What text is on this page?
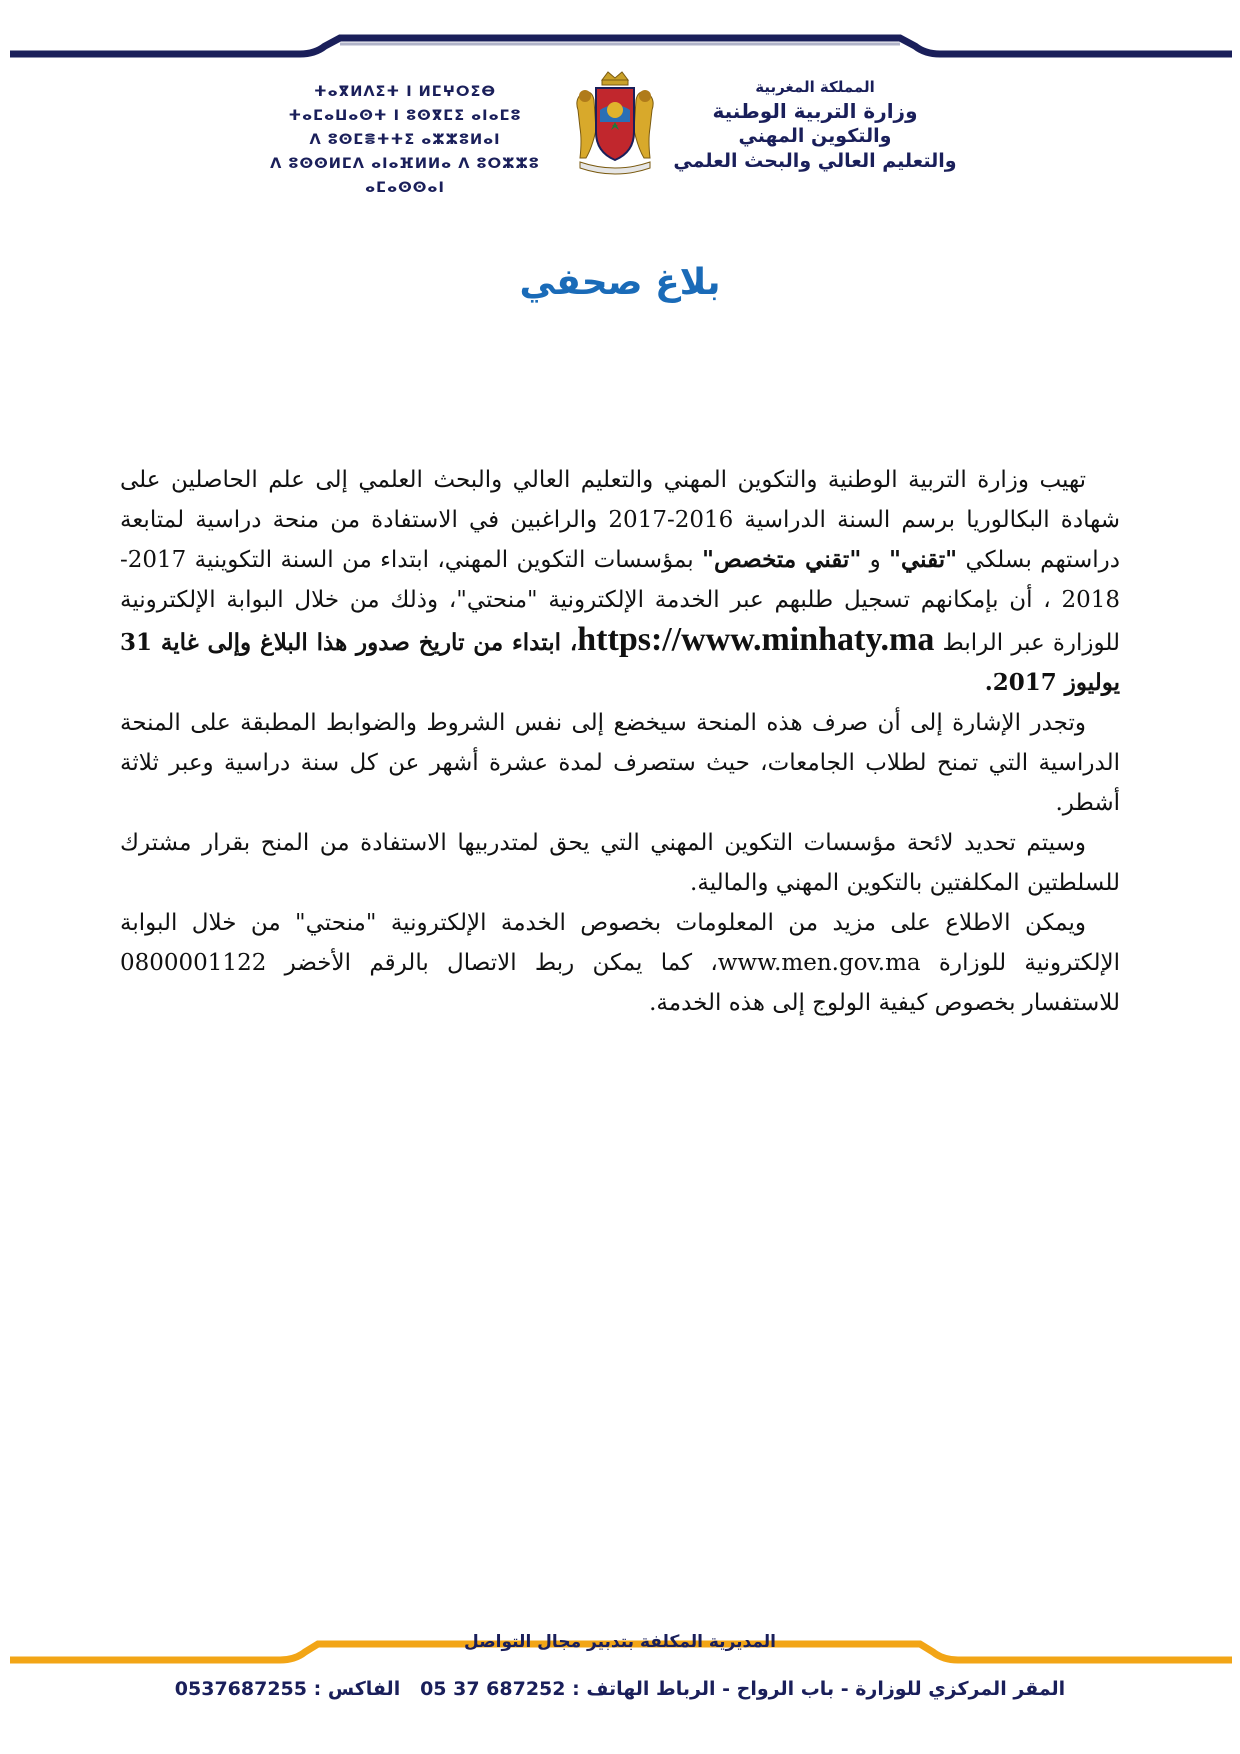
ⵜⴰⴳⵍⴷⵉⵜ ⵏ ⵍⵎⵖⵔⵉⴱ
ⵜⴰⵎⴰⵡⴰⵙⵜ ⵏ ⵓⵙⴳⵎⵉ ⴰⵏⴰⵎⵓ
ⴷ ⵓⵙⵎⴻⵜⵜⵉ ⴰⵣⵣⵓⵍⴰⵏ
ⴷ ⵓⵙⵙⵍⵎⴷ ⴰⵏⴰⴼⵍⵍⴰ ⴷ ⵓⵔⵣⵣⵓ ⴰⵎⴰⵙⵙⴰⵏ
المملكة المغربية
وزارة التربية الوطنية
والتكوين المهني
والتعليم العالي والبحث العلمي
بلاغ صحفي

تهيب وزارة التربية الوطنية والتكوين المهني والتعليم العالي والبحث العلمي إلى علم الحاصلين على شهادة البكالوريا برسم السنة الدراسية 2016-2017 والراغبين في الاستفادة من منحة دراسية لمتابعة دراستهم بسلكي "تقني" و "تقني متخصص" بمؤسسات التكوين المهني، ابتداء من السنة التكوينية 2017- 2018 ، أن بإمكانهم تسجيل طلبهم عبر الخدمة الإلكترونية "منحتي"، وذلك من خلال البوابة الإلكترونية للوزارة عبر الرابط https://www.minhaty.ma، ابتداء من تاريخ صدور هذا البلاغ وإلى غاية 31 يوليوز 2017.

وتجدر الإشارة إلى أن صرف هذه المنحة سيخضع إلى نفس الشروط والضوابط المطبقة على المنحة الدراسية التي تمنح لطلاب الجامعات، حيث ستصرف لمدة عشرة أشهر عن كل سنة دراسية وعبر ثلاثة أشطر.

وسيتم تحديد لائحة مؤسسات التكوين المهني التي يحق لمتدربيها الاستفادة من المنح بقرار مشترك للسلطتين المكلفتين بالتكوين المهني والمالية.

ويمكن الاطلاع على مزيد من المعلومات بخصوص الخدمة الإلكترونية "منحتي" من خلال البوابة الإلكترونية للوزارة www.men.gov.ma، كما يمكن ربط الاتصال بالرقم الأخضر 0800001122 للاستفسار بخصوص كيفية الولوج إلى هذه الخدمة.

المديرية المكلفة بتدبير مجال التواصل
المقر المركزي للوزارة - باب الرواح - الرباط الهاتف : 05 37 687252   الفاكس : 0537687255
